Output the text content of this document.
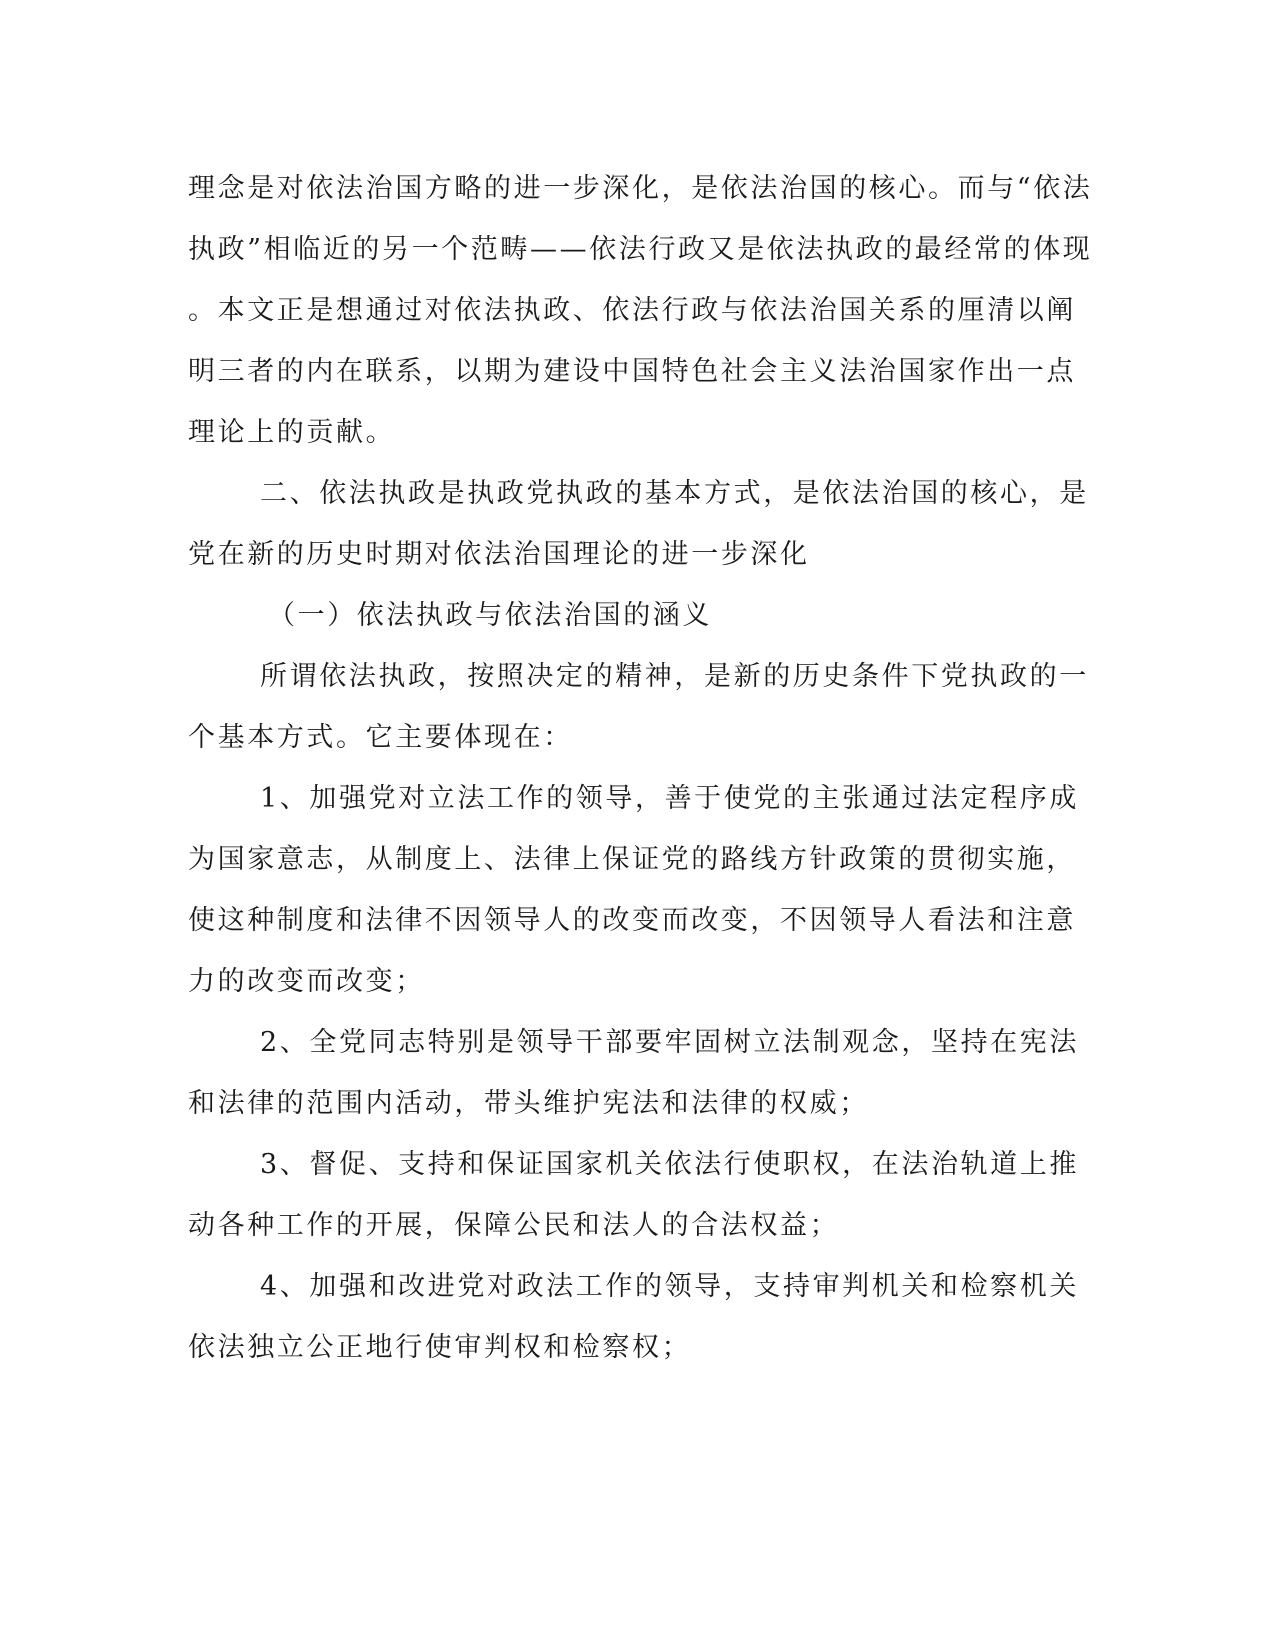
理念是对依法治国方略的进一步深化，是依法治国的核心。而与“依法
执政”相临近的另一个范畴——依法行政又是依法执政的最经常的体现
。本文正是想通过对依法执政、依法行政与依法治国关系的厘清以阐
明三者的内在联系，以期为建设中国特色社会主义法治国家作出一点
理论上的贡献。
二、依法执政是执政党执政的基本方式，是依法治国的核心，是
党在新的历史时期对依法治国理论的进一步深化
（一）依法执政与依法治国的涵义
所谓依法执政，按照决定的精神，是新的历史条件下党执政的一
个基本方式。它主要体现在：
1、加强党对立法工作的领导，善于使党的主张通过法定程序成
为国家意志，从制度上、法律上保证党的路线方针政策的贯彻实施，
使这种制度和法律不因领导人的改变而改变，不因领导人看法和注意
力的改变而改变；
2、全党同志特别是领导干部要牢固树立法制观念，坚持在宪法
和法律的范围内活动，带头维护宪法和法律的权威；
3、督促、支持和保证国家机关依法行使职权，在法治轨道上推
动各种工作的开展，保障公民和法人的合法权益；
4、加强和改进党对政法工作的领导，支持审判机关和检察机关
依法独立公正地行使审判权和检察权；
